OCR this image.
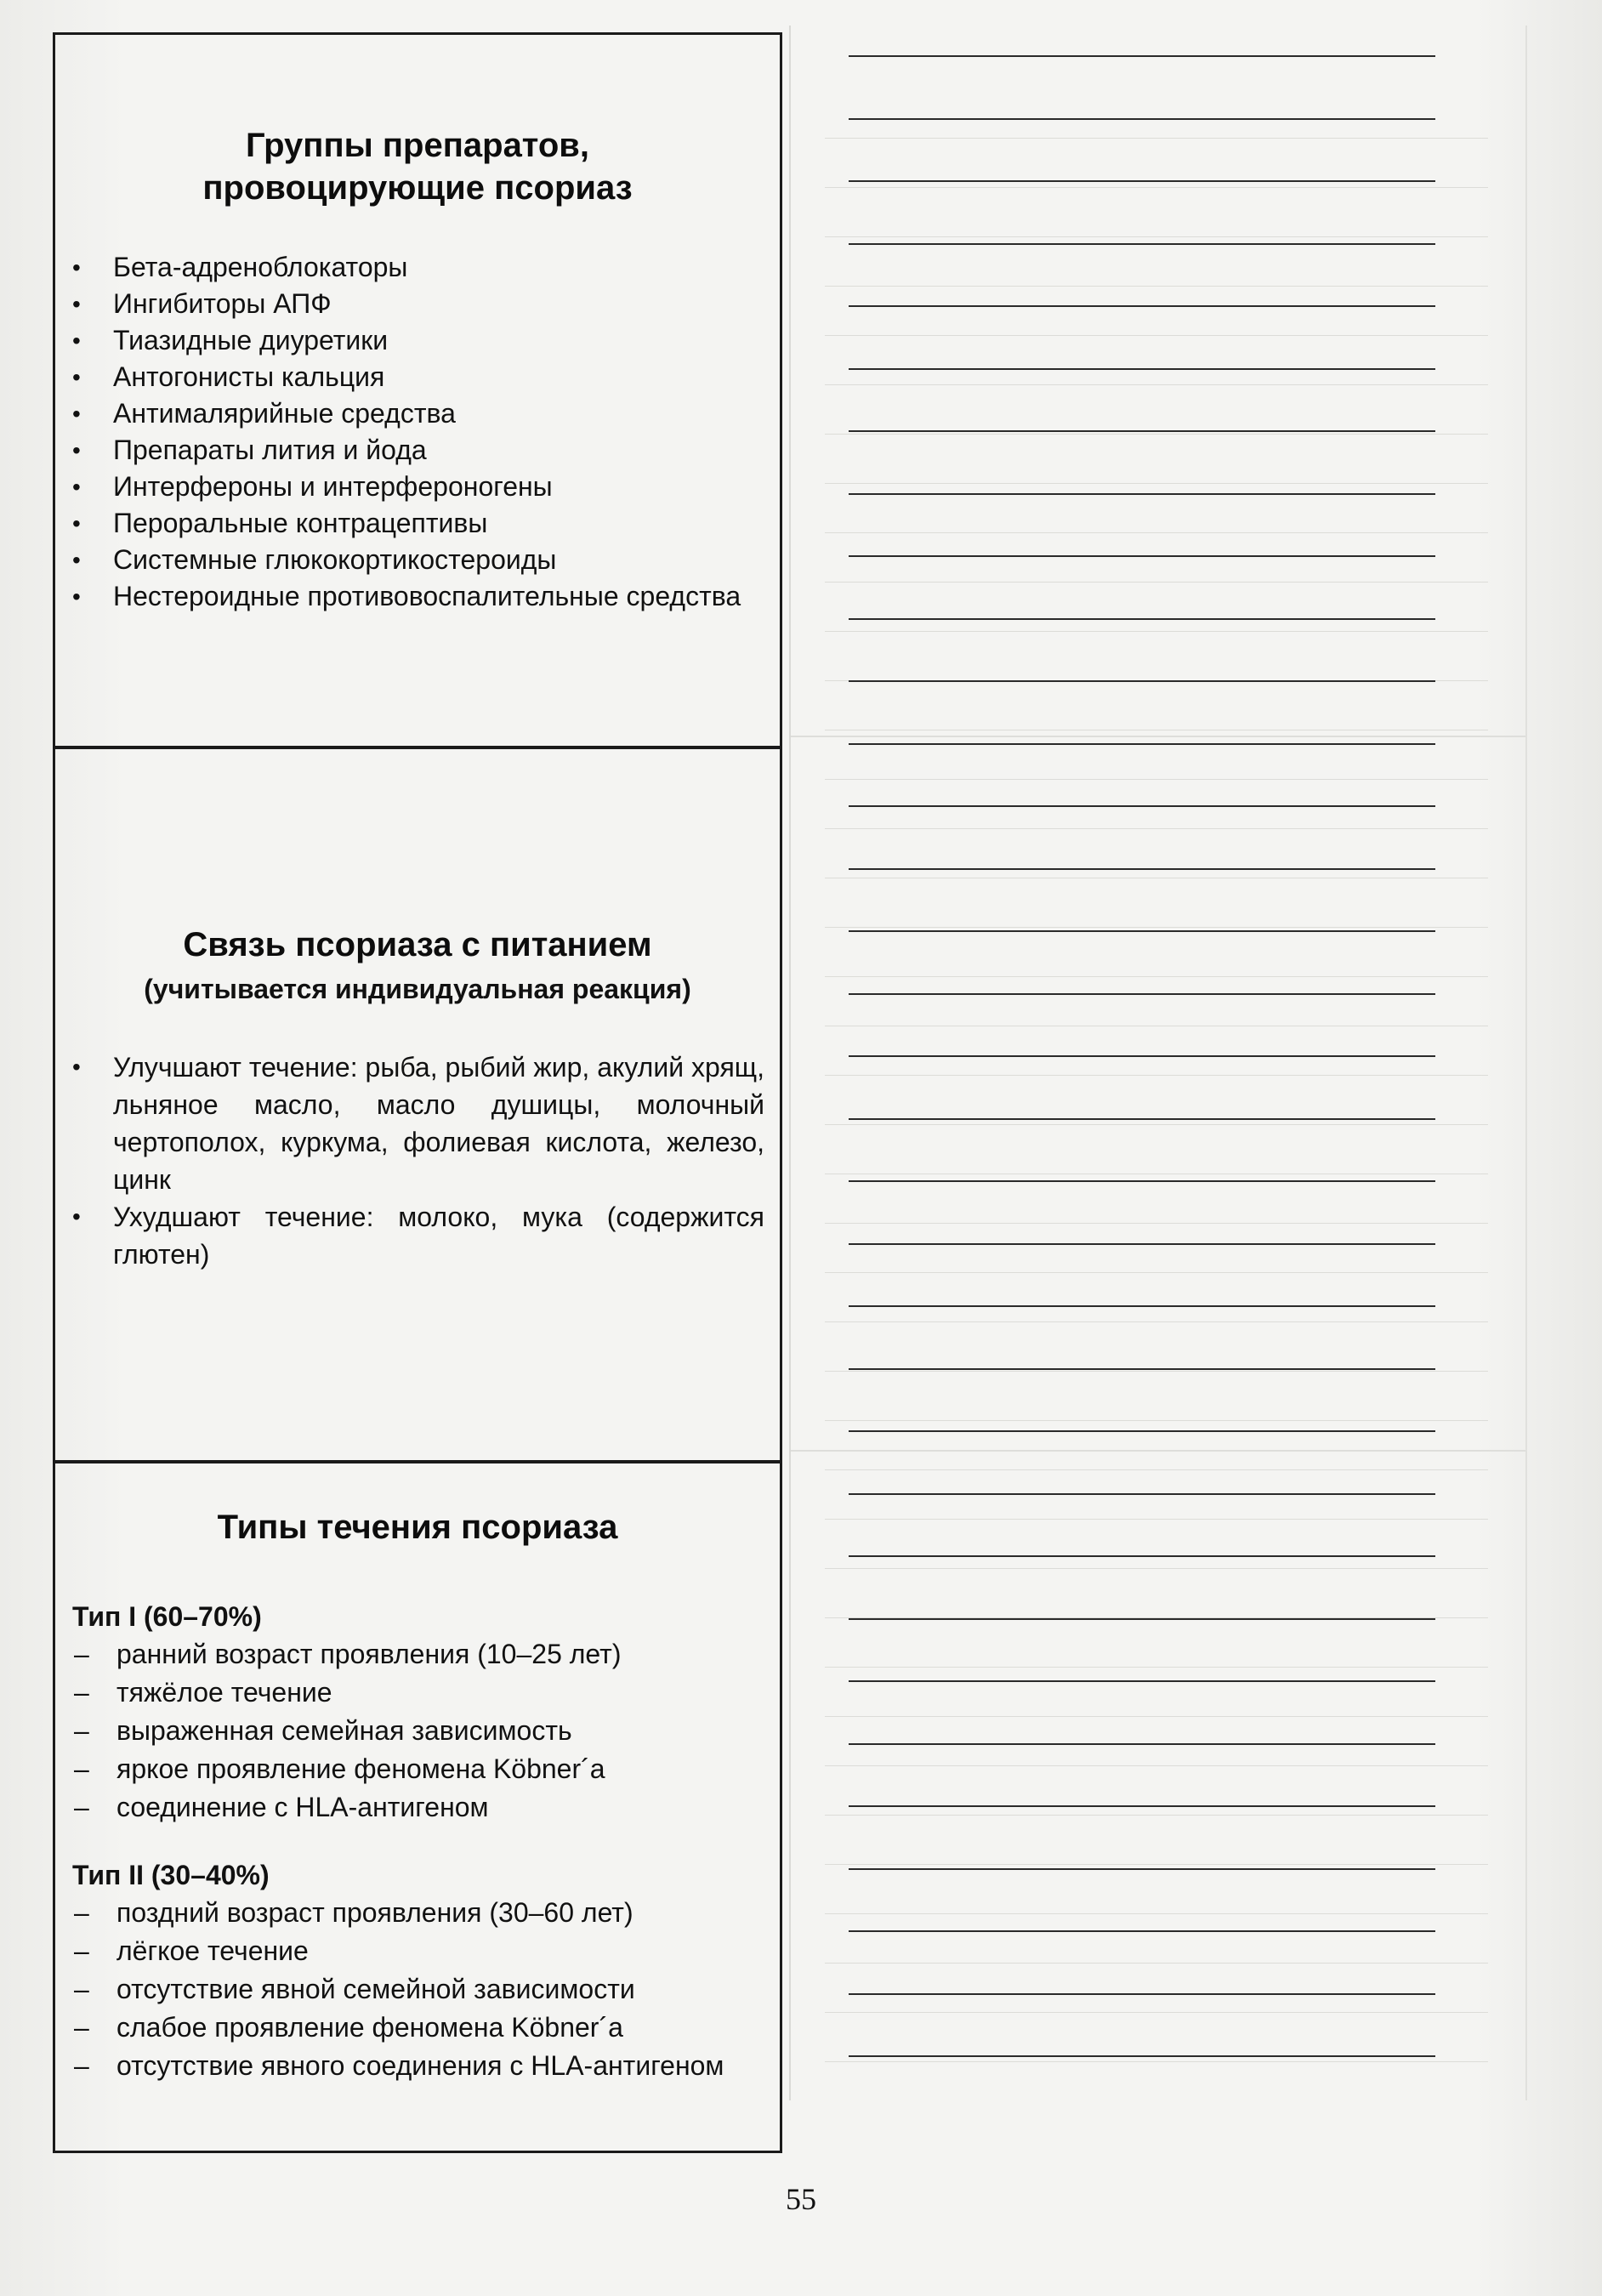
Группы препаратов,
провоцирующие псориаз
• Бета-адреноблокаторы
• Ингибиторы АПФ
• Тиазидные диуретики
• Антогонисты кальция
• Антималярийные средства
• Препараты лития и йода
• Интерфероны и интерфероногены
• Пероральные контрацептивы
• Системные глюкокортикостероиды
• Нестероидные противовоспалительные средства
Связь псориаза с питанием
(учитывается индивидуальная реакция)
• Улучшают течение: рыба, рыбий жир, акулий хрящ, льняное масло, масло душицы, молочный чертополох, куркума, фолиевая кислота, железо, цинк
• Ухудшают течение: молоко, мука (содержится глютен)
Типы течения псориаза
Тип I (60–70%)
– ранний возраст проявления (10–25 лет)
– тяжёлое течение
– выраженная семейная зависимость
– яркое проявление феномена Köbner´a
– соединение с HLA-антигеном
Тип II (30–40%)
– поздний возраст проявления (30–60 лет)
– лёгкое течение
– отсутствие явной семейной зависимости
– слабое проявление феномена Köbner´a
– отсутствие явного соединения с HLA-антигеном
55
